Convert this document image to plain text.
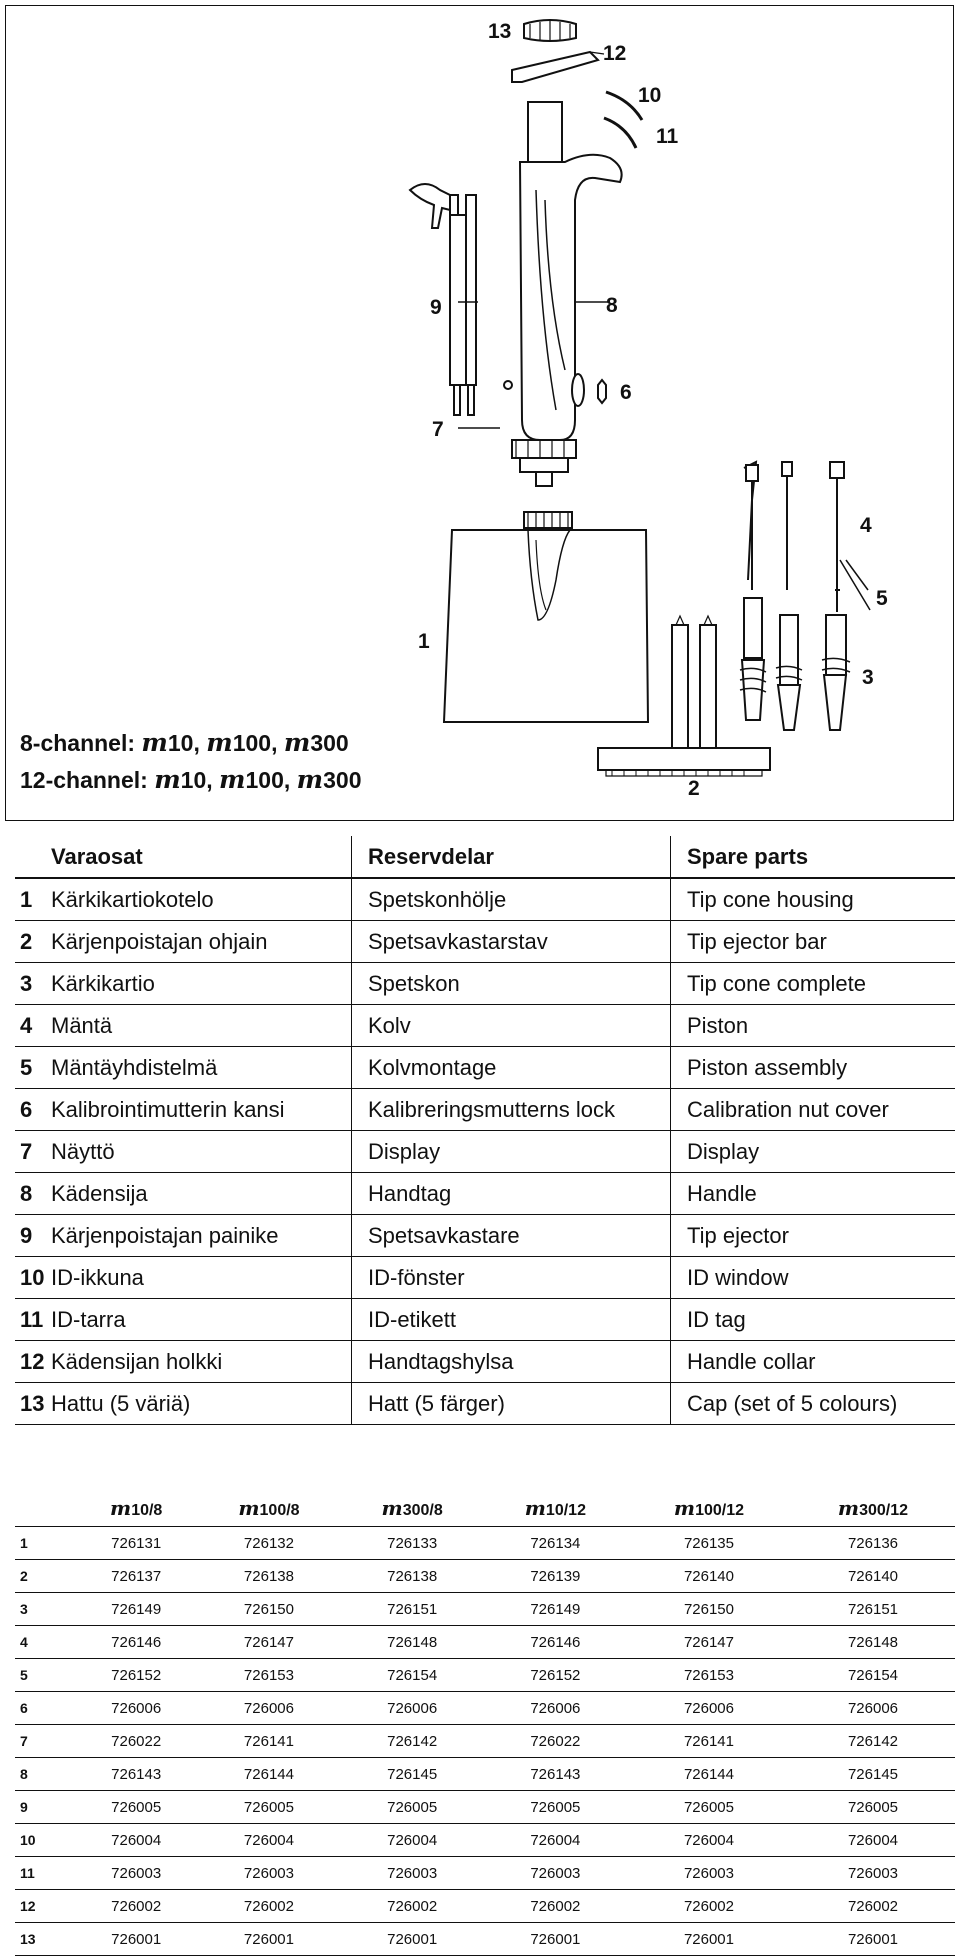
13
12
10
11
9	8
6
7
4
5
1
3
2
8-channel: m10, m100, m300
12-channel: m10, m100, m300
	Varaosat	Reservdelar	Spare parts
1	Kärkikartiokotelo	Spetskonhölje	Tip cone housing
2	Kärjenpoistajan ohjain	Spetsavkastarstav	Tip ejector bar
3	Kärkikartio	Spetskon	Tip cone complete
4	Mäntä	Kolv	Piston
5	Mäntäyhdistelmä	Kolvmontage	Piston assembly
6	Kalibrointimutterin kansi	Kalibreringsmutterns lock	Calibration nut cover
7	Näyttö	Display	Display
8	Kädensija	Handtag	Handle
9	Kärjenpoistajan painike	Spetsavkastare	Tip ejector
10	ID-ikkuna	ID-fönster	ID window
11	ID-tarra	ID-etikett	ID tag
12	Kädensijan holkki	Handtagshylsa	Handle collar
13	Hattu (5 väriä)	Hatt (5 färger)	Cap (set of 5 colours)
	m10/8	m100/8	m300/8	m10/12	m100/12	m300/12
1	726131	726132	726133	726134	726135	726136
2	726137	726138	726138	726139	726140	726140
3	726149	726150	726151	726149	726150	726151
4	726146	726147	726148	726146	726147	726148
5	726152	726153	726154	726152	726153	726154
6	726006	726006	726006	726006	726006	726006
7	726022	726141	726142	726022	726141	726142
8	726143	726144	726145	726143	726144	726145
9	726005	726005	726005	726005	726005	726005
10	726004	726004	726004	726004	726004	726004
11	726003	726003	726003	726003	726003	726003
12	726002	726002	726002	726002	726002	726002
13	726001	726001	726001	726001	726001	726001
